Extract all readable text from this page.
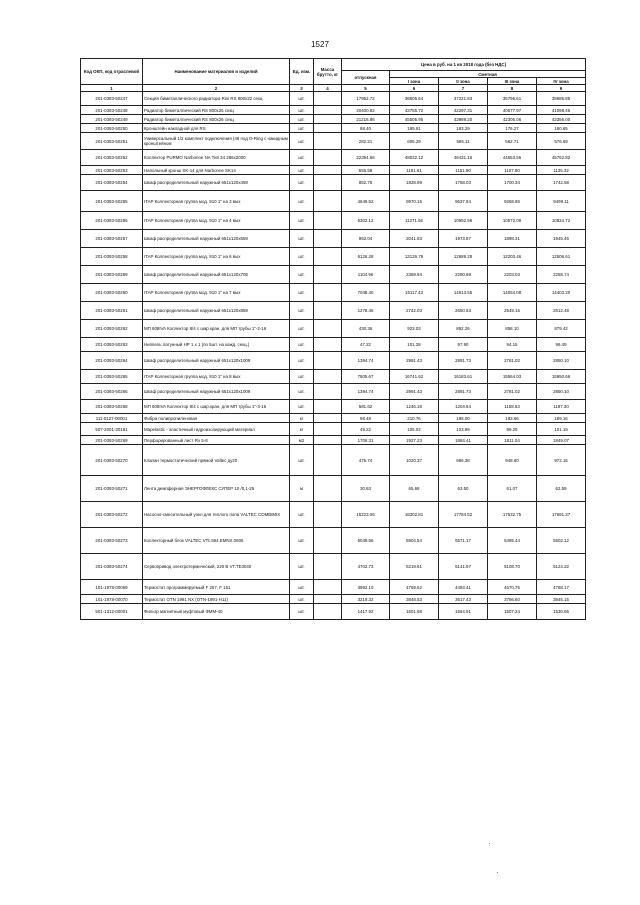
1527
Код ОКП, код отраслевой	Наименование материалов и изделий	Ед. изм.	Масса брутто, кг	Цена в руб. на 1 кв 2018 года (без НДС)				
				отпускная	Сметная			
					I зона	II зона	III зона	IV зона
1	2	3	4	5	6	7	8	9
201-0393-50247	Секция биметаллического радиатора Rini RS 800x22 секц	шт.		17952.72	38505.64	37221.83	35796.61	39685.85
201-0393-50248	Радиатор биметаллический RS 800x25 секц	шт.		20400.82	43755.72	42297.31	40677.97	41098.46
201-0393-50249	Радиатор биметаллический RS 800x26 секц	шт.		21216.86	45505.95	43989.20	42305.06	43356.00
201-0393-50250	Кронштейн накладной для RS	шт.		88.40	189.61	183.29	176.27	180.65
201-0393-50251	Универсальный 1/2 комплект подключения (48 под O-Ring с накидным кронштейном	шт.		282.21	605.29	585.11	562.71	576.69
201-0393-50252	Коллектор PURMO Narbonne NA Тип 34 286x2000	шт.		22394.66	48032.12	46431.16	44653.56	45762.82
201-0393-50253	Напольный кронш SK-14 для Narbonne SK14	шт.		555.58	1191.61	1151.90	1107.80	1135.32
201-0393-50254	Шкаф распределительный наружный 651x120x459	шт.		852.75	1828.99	1768.03	1700.34	1742.58
201-0393-50255	ITAP Коллекторная группа мод. 910 1" на 3 вых	шт.		4649.52	9970.15	9637.84	9268.86	9499.11
201-0393-50256	ITAP Коллекторная группа мод. 910 1" на 4 вых	шт.		5302.12	11371.56	10992.96	10572.09	10834.72
201-0393-50257	Шкаф распределительный наружный 651x120x559	шт.		952.04	2041.93	1973.87	1898.31	1945.46
201-0393-50258	ITAP Коллекторная группа мод. 910 1" на 6 вых	шт.		6126.28	13126.79	12689.28	12203.46	12506.61
201-0393-50259	Шкаф распределительный наружный 651x120x709	шт.		1104.96	2369.94	2290.69	2203.03	2258.74
201-0393-50260	ITAP Коллекторная группа мод. 910 1" на 7 вых	шт.		7048.40	15117.43	14613.55	14054.08	14403.20
201-0393-50261	Шкаф распределительный наружный 651x120x859	шт.		1278.46	2742.03	2650.63	2549.15	2612.48
201-0393-50262	МП 608IVA Коллектор 8/4 с шар.кран. для МП трубы 1"-2-16	шт.		430.36	923.03	892.26	858.10	879.42
201-0393-50263	Ниппель латунный НР 1 x 1 (по 5шт. на кажд. секц.)	шт.		47.22	101.28	97.90	94.15	96.49
201-0393-50264	Шкаф распределительный наружный 651x120x1009	шт.		1394.74	2991.43	2891.73	2781.02	2850.10
201-0393-50265	ITAP Коллекторная группа мод. 910 1" на 8 вых	шт.		7805.67	16741.62	16183.61	15564.03	15950.66
201-0393-50266	Шкаф распределительный наружный 651x120x1009	шт.		1394.74	2991.43	2891.73	2781.02	2850.10
201-0393-50268	МП 608IVA Коллектор 8/4 с шар.кран. для МП трубы 1"-3-16	шт.		581.62	1246.18	1204.64	1158.53	1187.30
111-0127-00001	Фибра полипропиленовая	кг		98.48	210.76	198.00	183.66	189.16
507-2001-30181	Mapelastic - эластичный гидроизолирующий материал	кг		49.22	105.02	103.99	99.25	101.19
201-0393-50269	Перфорированный лист Rv 5-8	м2		1706.31	1927.23	1884.41	1811.04	1849.07
201-0393-50270	Клапан термостатический прямой Valtec ду20	шт.		475.74	1020.37	986.38	948.60	972.16
201-0393-50271	Лента демпферная ЭНЕРГОФЛЕКС СУПЕР 10 /0,1-25	м		30.63	65.69	63.50	61.07	62.59
201-0393-50272	Насосно-смесительный узел для теплого пола VALTEC COMBIMIX	шт.		15223.06	18302.81	17784.52	17532.75	17691.37
201-0393-50273	Коллекторный блок VALTEC VTc.594.EMNX.0605	шт.		5049.56	5904.54	5571.17	5485.44	5502.12
201-0393-50274	Сервопривод электротермический, 220 В VT.TE3040	шт.		4702.73	5219.61	5141.97	5108.70	5124.22
101-1978-00069	Термостат программируемый F 257, F 151	шт.		3992.10	4769.62	4493.41	4670.76	4768.17
101-1978-00070	Термостат OTN 1991 NX (OTN-1991-H11)	шт.		3219.32	3848.53	3617.43	3766.60	3845.15
501-1312-00001	Фильтр магнитный муфтовый ФММ-40	шт.		1417.92	1601.68	1564.91	1507.24	1530.65
